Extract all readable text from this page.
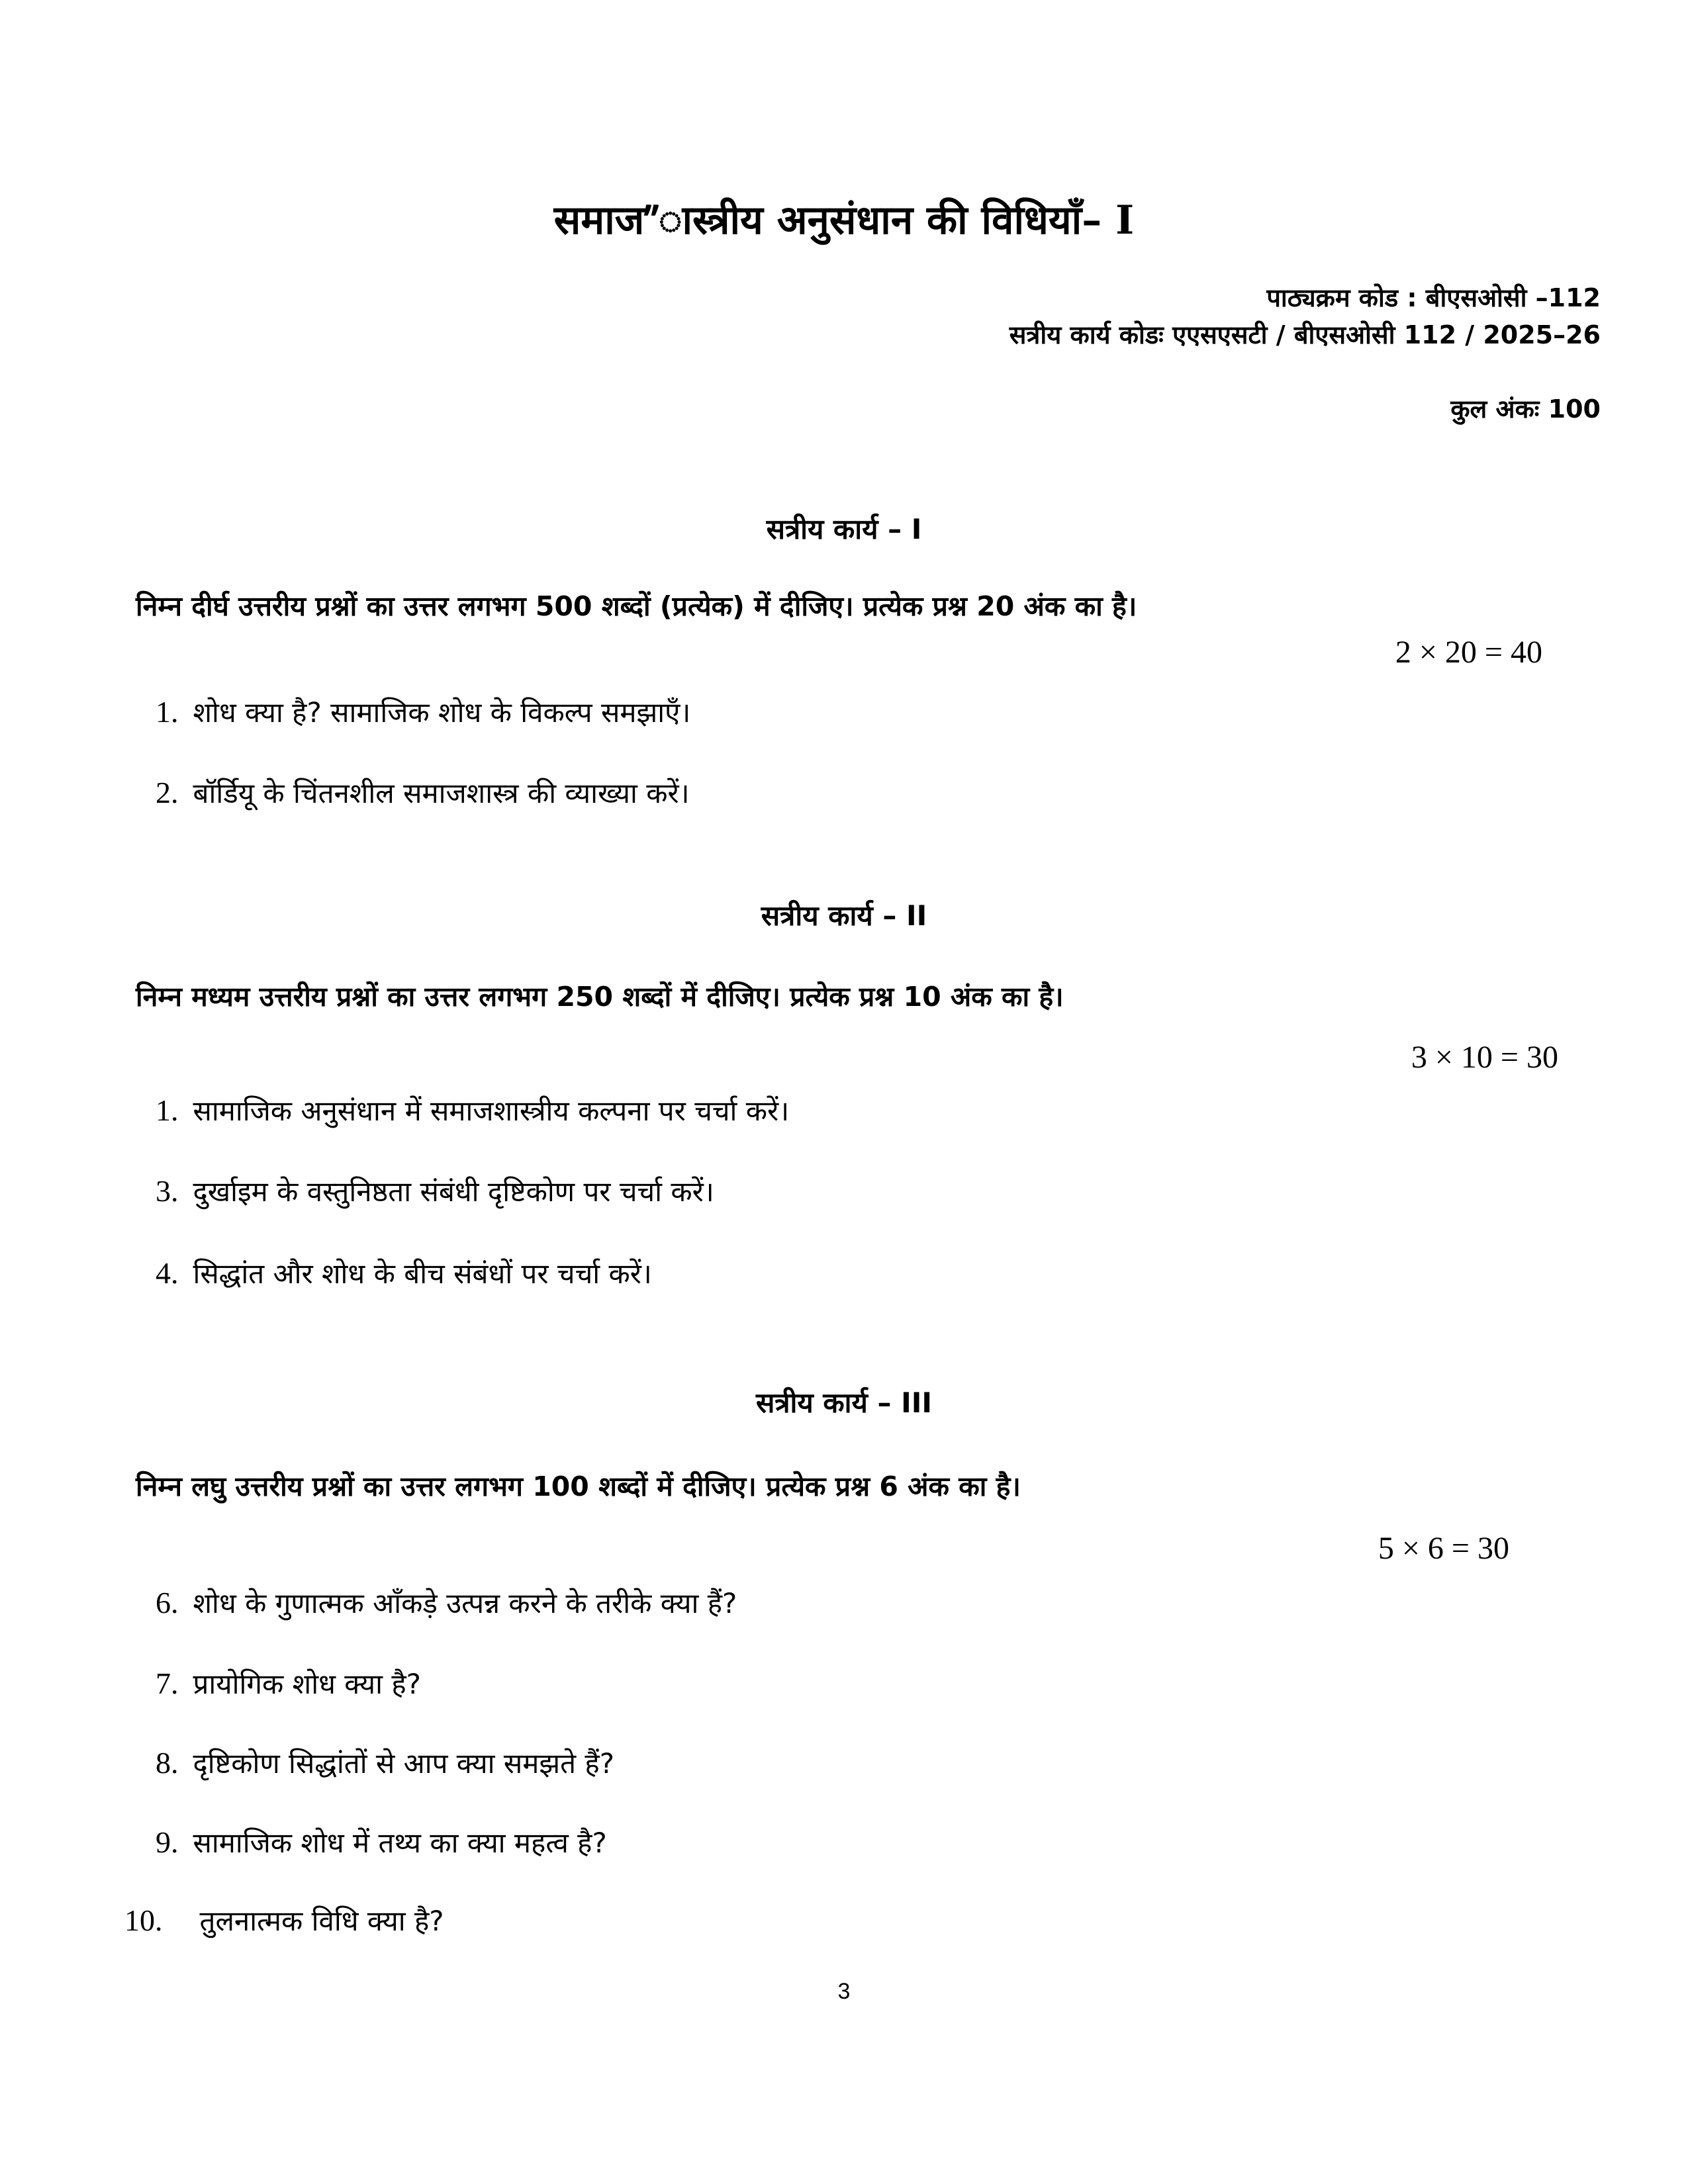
समाज”ास्त्रीय अनुसंधान की विधियाँ– I
पाठ्यक्रम कोड : बीएसओसी –112
सत्रीय कार्य कोडः एएसएसटी / बीएसओसी 112 / 2025–26
कुल अंकः 100
सत्रीय कार्य – I
निम्न दीर्घ उत्तरीय प्रश्नों का उत्तर लगभग 500 शब्दों (प्रत्येक) में दीजिए। प्रत्येक प्रश्न 20 अंक का है।
2 × 20 = 40
1. शोध क्या है? सामाजिक शोध के विकल्प समझाएँ।
2. बॉर्डियू के चिंतनशील समाजशास्त्र की व्याख्या करें।
सत्रीय कार्य – II
निम्न मध्यम उत्तरीय प्रश्नों का उत्तर लगभग 250 शब्दों में दीजिए। प्रत्येक प्रश्न 10 अंक का है।
3 × 10 = 30
1. सामाजिक अनुसंधान में समाजशास्त्रीय कल्पना पर चर्चा करें।
3. दुर्खाइम के वस्तुनिष्ठता संबंधी दृष्टिकोण पर चर्चा करें।
4. सिद्धांत और शोध के बीच संबंधों पर चर्चा करें।
सत्रीय कार्य – III
निम्न लघु उत्तरीय प्रश्नों का उत्तर लगभग 100 शब्दों में दीजिए। प्रत्येक प्रश्न 6 अंक का है।
5 × 6 = 30
6. शोध के गुणात्मक आँकड़े उत्पन्न करने के तरीके क्या हैं?
7. प्रायोगिक शोध क्या है?
8. दृष्टिकोण सिद्धांतों से आप क्या समझते हैं?
9. सामाजिक शोध में तथ्य का क्या महत्व है?
10. तुलनात्मक विधि क्या है?
3
